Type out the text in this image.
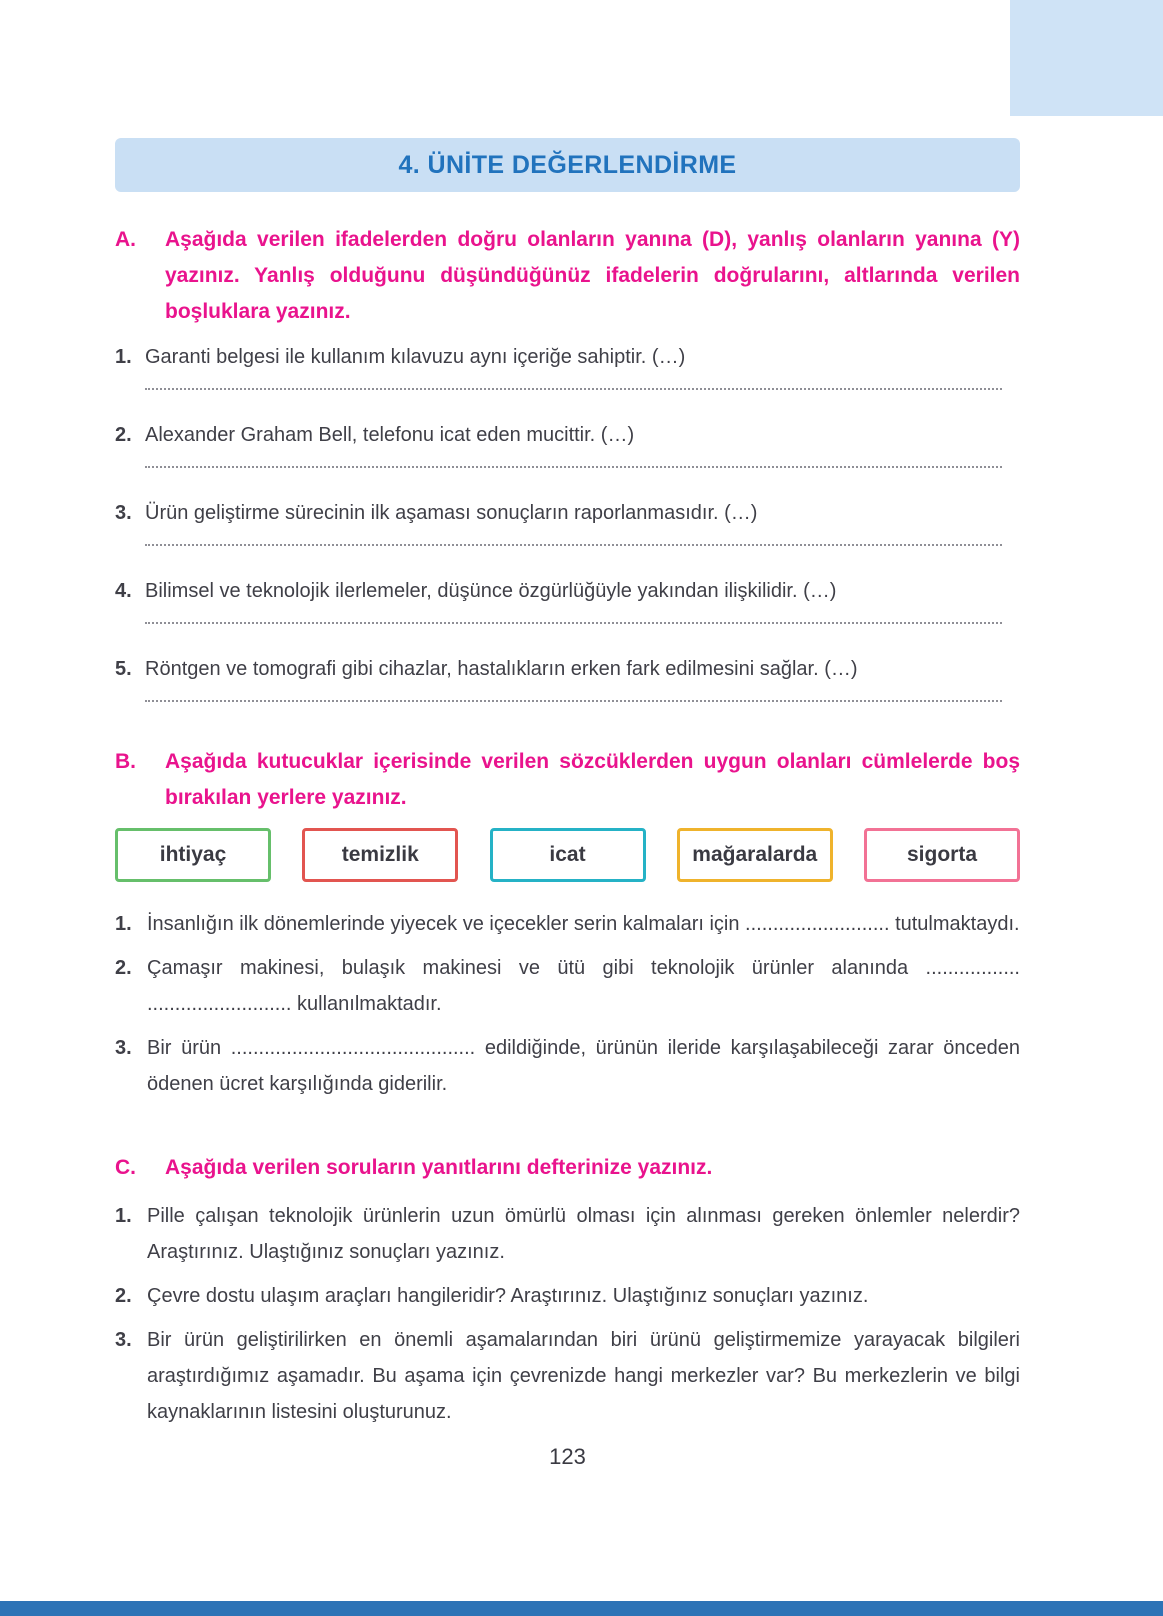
4. ÜNİTE DEĞERLENDİRME
A.	Aşağıda verilen ifadelerden doğru olanların yanına (D), yanlış olanların yanına (Y) yazınız. Yanlış olduğunu düşündüğünüz ifadelerin doğrularını, altlarında verilen boşluklara yazınız.
1. Garanti belgesi ile kullanım kılavuzu aynı içeriğe sahiptir. (…)
2. Alexander Graham Bell, telefonu icat eden mucittir. (…)
3. Ürün geliştirme sürecinin ilk aşaması sonuçların raporlanmasıdır. (…)
4. Bilimsel ve teknolojik ilerlemeler, düşünce özgürlüğüyle yakından ilişkilidir. (…)
5. Röntgen ve tomografi gibi cihazlar, hastalıkların erken fark edilmesini sağlar. (…)
B.	Aşağıda kutucuklar içerisinde verilen sözcüklerden uygun olanları cümlelerde boş bırakılan yerlere yazınız.
ihtiyaç	temizlik	icat	mağaralarda	sigorta
1. İnsanlığın ilk dönemlerinde yiyecek ve içecekler serin kalmaları için .......................... tutulmaktaydı.
2. Çamaşır makinesi, bulaşık makinesi ve ütü gibi teknolojik ürünler alanında ................. .......................... kullanılmaktadır.
3. Bir ürün ............................................ edildiğinde, ürünün ileride karşılaşabileceği zarar önceden ödenen ücret karşılığında giderilir.
C.	Aşağıda verilen soruların yanıtlarını defterinize yazınız.
1. Pille çalışan teknolojik ürünlerin uzun ömürlü olması için alınması gereken önlemler nelerdir? Araştırınız. Ulaştığınız sonuçları yazınız.
2. Çevre dostu ulaşım araçları hangileridir? Araştırınız. Ulaştığınız sonuçları yazınız.
3. Bir ürün geliştirilirken en önemli aşamalarından biri ürünü geliştirmemize yarayacak bilgileri araştırdığımız aşamadır. Bu aşama için çevrenizde hangi merkezler var? Bu merkezlerin ve bilgi kaynaklarının listesini oluşturunuz.
123
